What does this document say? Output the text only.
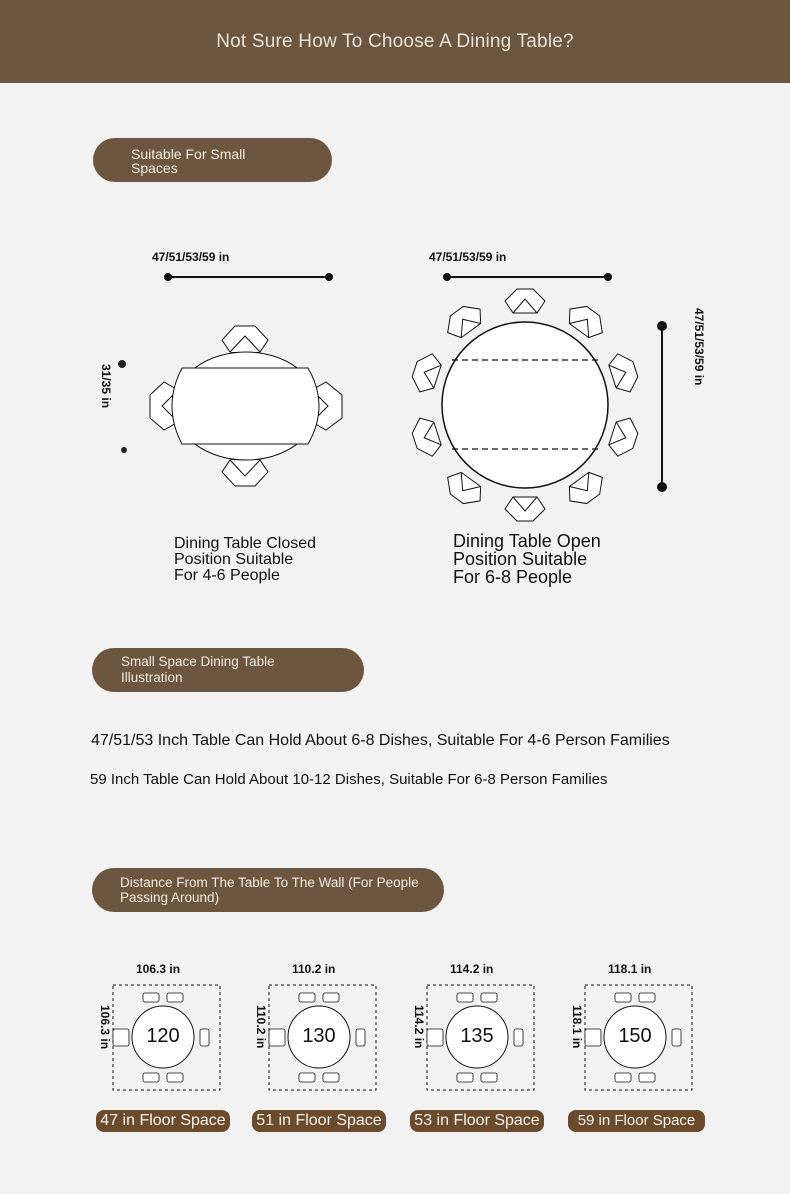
Not Sure How To Choose A Dining Table?
Suitable For Small Spaces
47/51/53/59 in
31/35 in
Dining Table Closed
Position Suitable
For 4-6 People
47/51/53/59 in
47/51/53/59 in
Dining Table Open
Position Suitable
For 6-8 People
Small Space Dining Table Illustration
47/51/53 Inch Table Can Hold About 6-8 Dishes, Suitable For 4-6 Person Families
59 Inch Table Can Hold About 10-12 Dishes, Suitable For 6-8 Person Families
Distance From The Table To The Wall (For People Passing Around)
106.3 in
106.3 in	120
47 in Floor Space
110.2 in
110.2 in	130
51 in Floor Space
114.2 in
114.2 in	135
53 in Floor Space
118.1 in
118.1 in	150
59 in Floor Space
